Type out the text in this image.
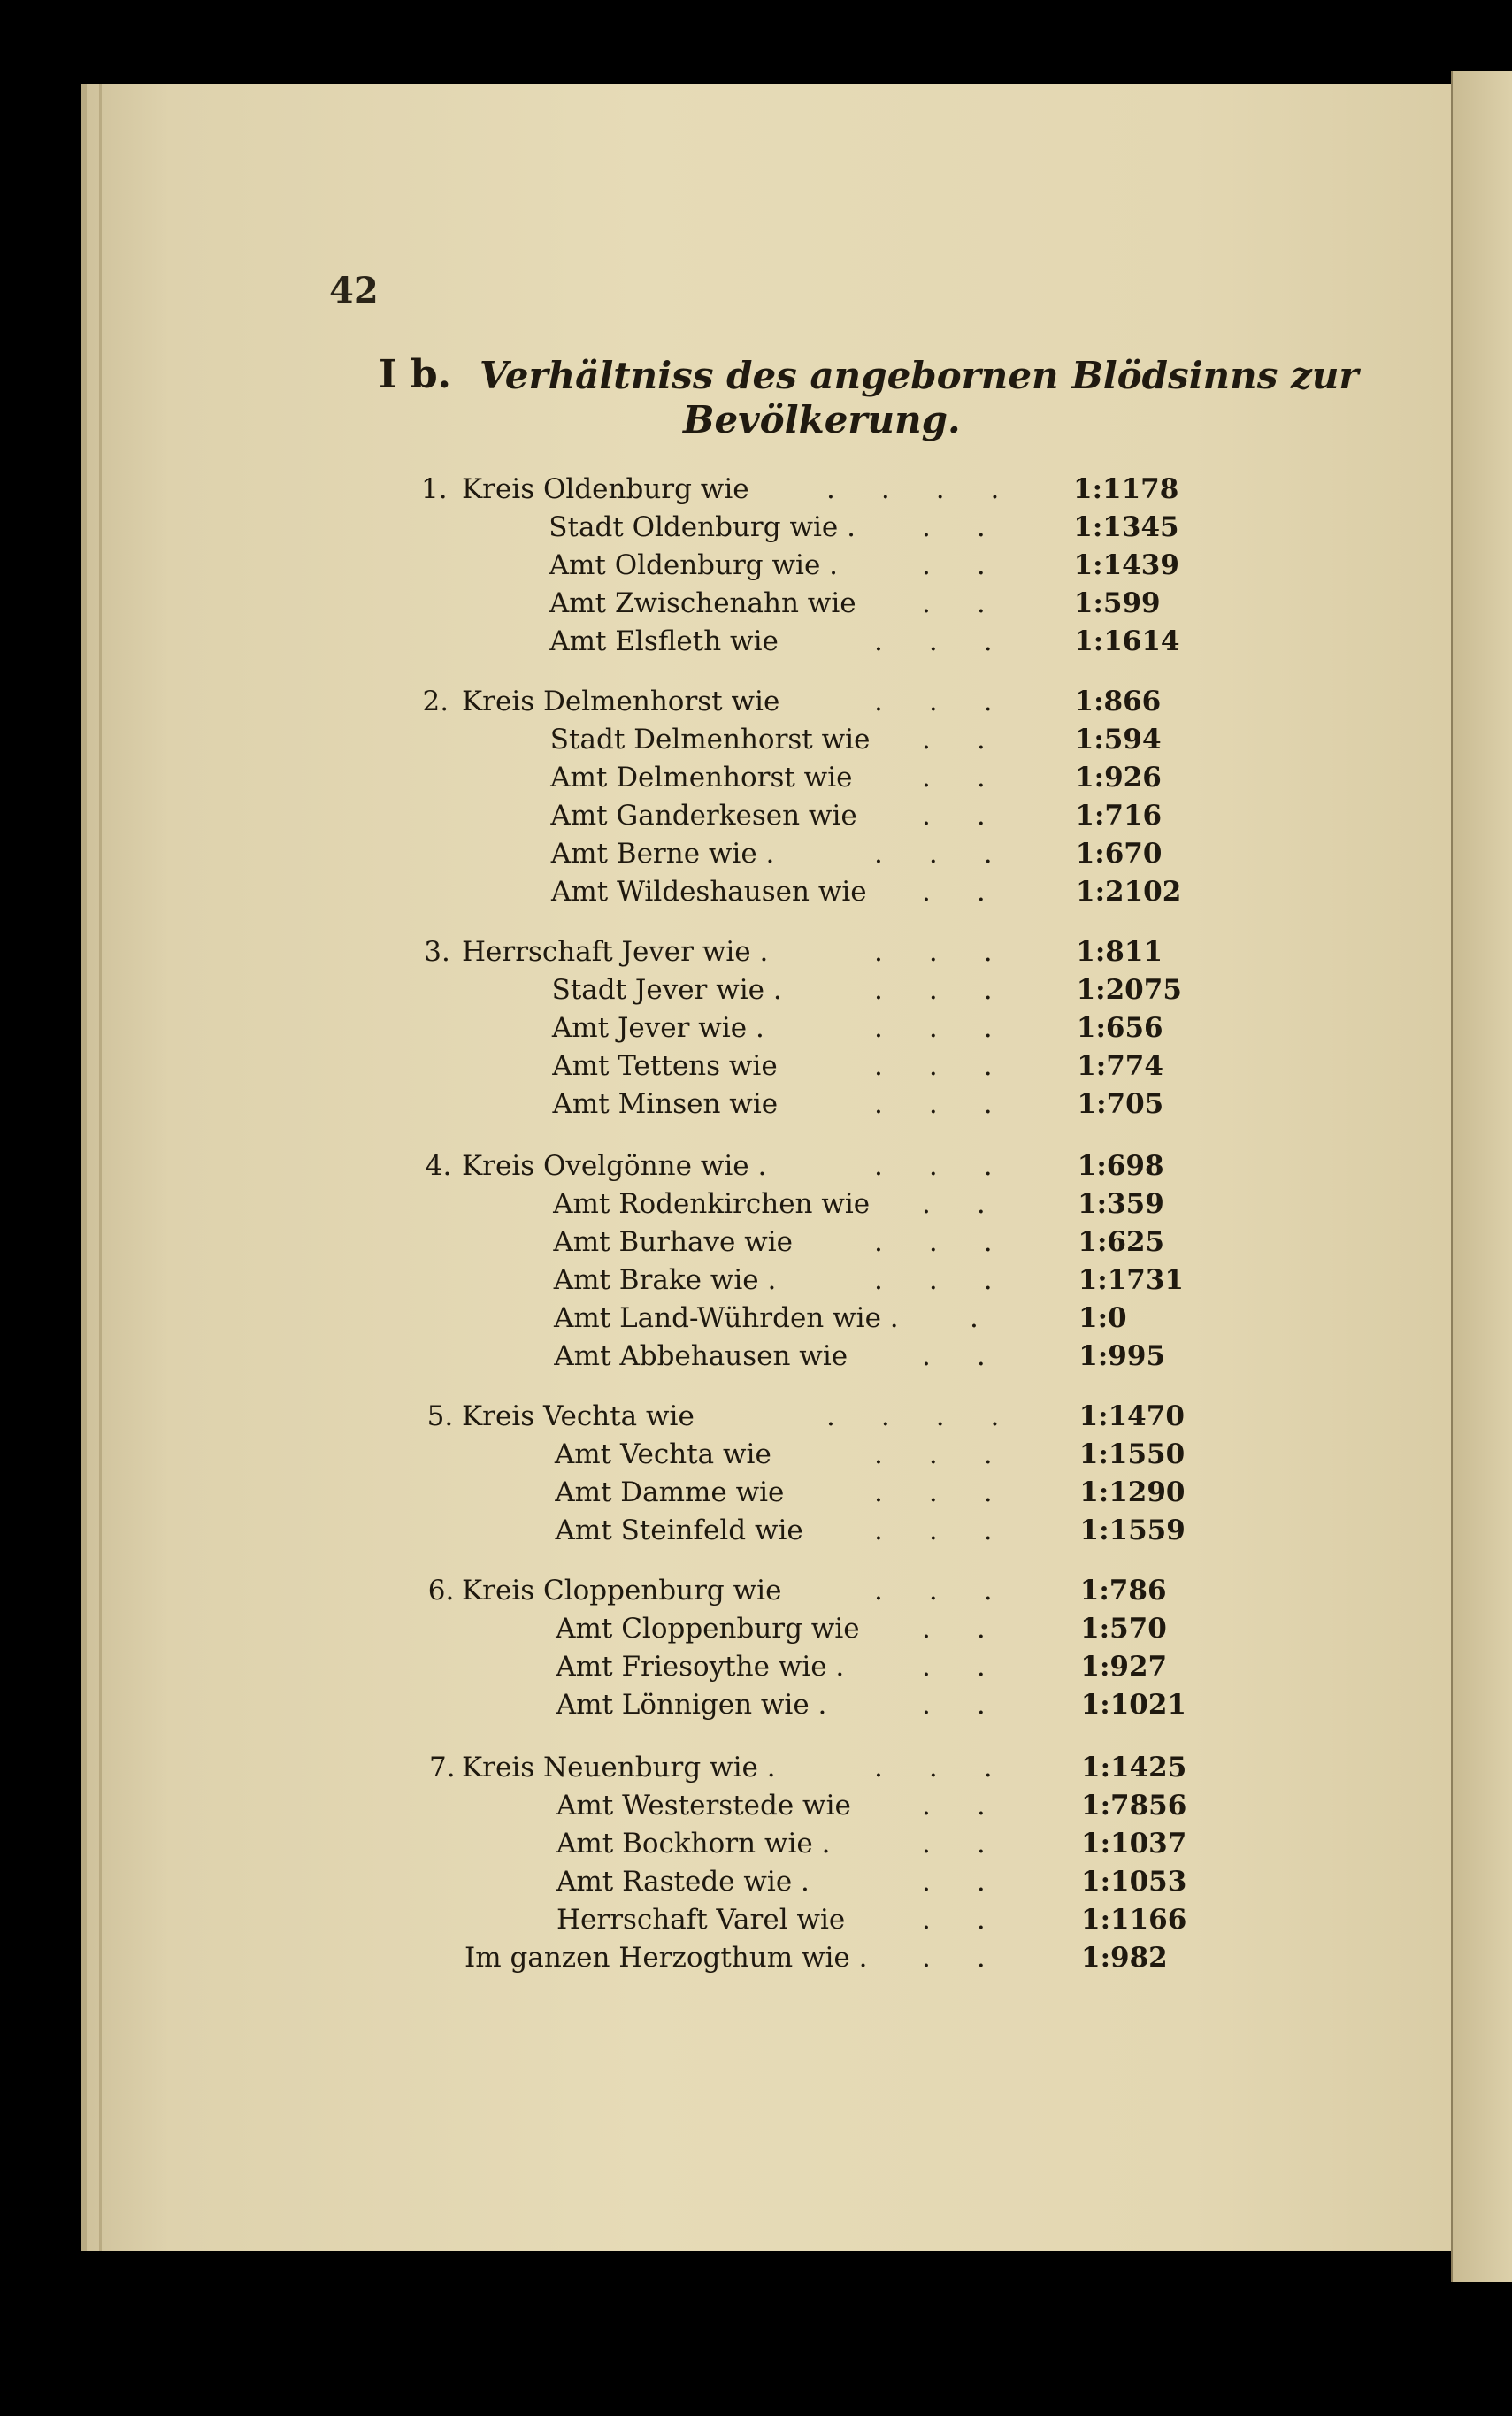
42
I b. Verhältniss des angebornen Blödsinns zur
Bevölkerung.
1. Kreis Oldenburg wie	.... 1:1178
Stadt Oldenburg wie . .. 1:1345
Amt Oldenburg wie .	.. 1:1439
Amt Zwischenahn wie .. 1:599
Amt Elsfleth wie	... 1:1614
2. Kreis Delmenhorst wie	... 1:866
Stadt Delmenhorst wie .. 1:594
Amt Delmenhorst wie	.. 1:926
Amt Ganderkesen wie .. 1:716
Amt Berne wie .	... 1:670
Amt Wildeshausen wie .. 1:2102
3. Herrschaft Jever wie .	... 1:811
Stadt Jever wie .	... 1:2075
Amt Jever wie .	... 1:656
Amt Tettens wie	... 1:774
Amt Minsen wie	... 1:705
4. Kreis Ovelgönne wie .	... 1:698
Amt Rodenkirchen wie .. 1:359
Amt Burhave wie	... 1:625
Amt Brake wie .	... 1:1731
Amt Land-Wührden wie .	. 1:0
Amt Abbehausen wie	.. 1:995
5. Kreis Vechta wie	.... 1:1470
Amt Vechta wie	... 1:1550
Amt Damme wie	... 1:1290
Amt Steinfeld wie	... 1:1559
6. Kreis Cloppenburg wie	... 1:786
Amt Cloppenburg wie .. 1:570
Amt Friesoythe wie .	.. 1:927
Amt Lönnigen wie .	.. 1:1021
7. Kreis Neuenburg wie .	... 1:1425
Amt Westerstede wie	.. 1:7856
Amt Bockhorn wie .	.. 1:1037
Amt Rastede wie .	.. 1:1053
Herrschaft Varel wie	.. 1:1166
Im ganzen Herzogthum wie . .. 1:982
